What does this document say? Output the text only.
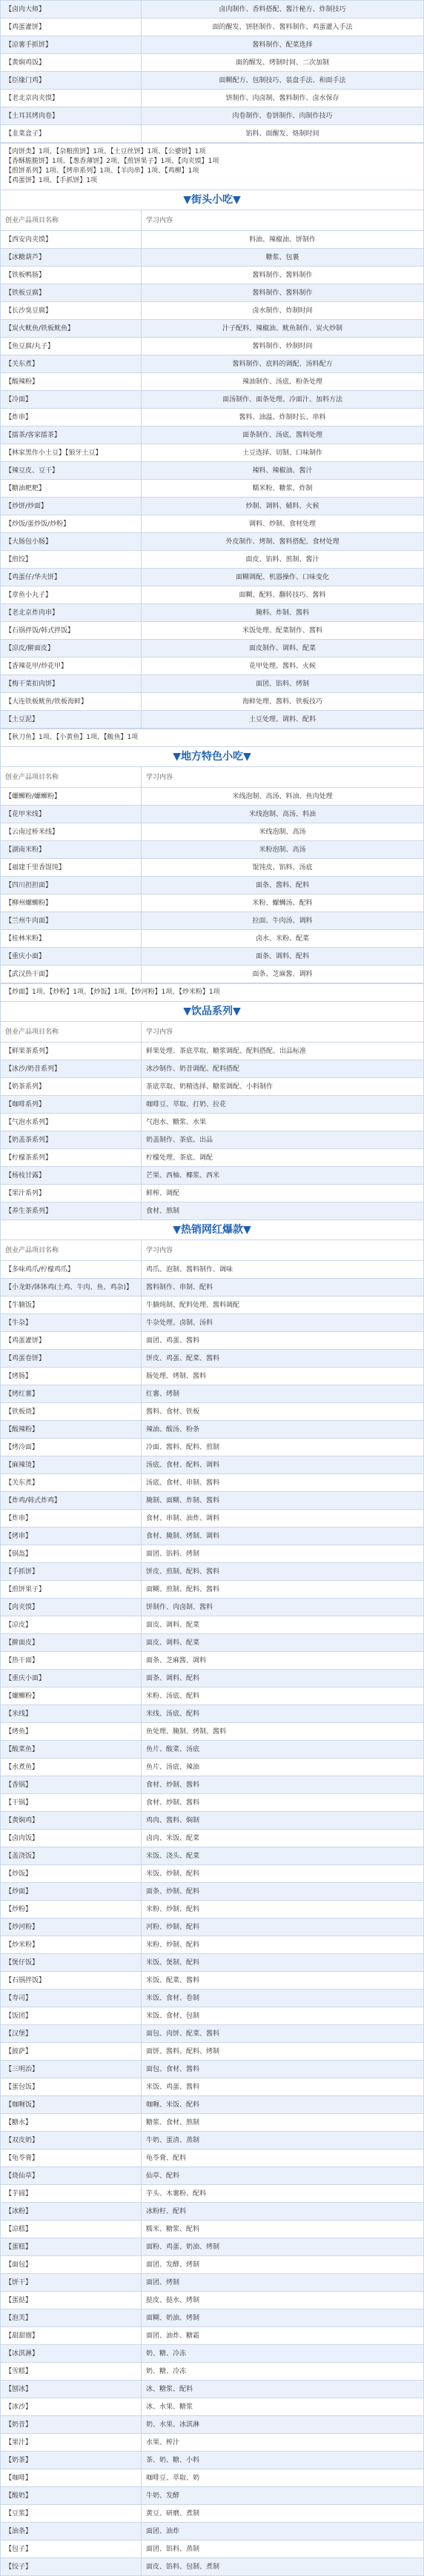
【卤肉大师】	卤肉制作、香料搭配、酱汁秘方、炸制技巧
【鸡蛋灌饼】	面的醒发、饼胚制作、酱料制作、鸡蛋灌入手法
【凉薯手抓饼】	酱料制作、配菜选择
【黄焖鸡饭】	面的醒发、烤制时间、二次加制
【臣缘门鸡】	面糊配方、包制技巧、装盘手法、和面手法
【老北京肉夹馍】	饼制作、肉卤制、酱料制作、卤水保存
【土耳其烤肉卷】	肉卷制作、卷饼制作、肉制作技巧
【韭菜盒子】	馅料、面醒发、烙制时间
【肉饼类】1项、【杂粮煎饼】1项、【土豆丝饼】1项、【公婆饼】1项
【香酥脆脆饼】1项、【葱香薄饼】2项、【煎饼果子】1项、【肉夹馍】1项
【煎饼系列】1项、【烤串系列】1项、【羊肉串】1项、【鸡柳】1项
【鸡蛋饼】1项、【手抓饼】1项
▼街头小吃▼
创业产品项目名称	学习内容
【西安肉夹馍】	料油、辣椒油、饼制作
【冰糖葫芦】	糖浆、包裹
【铁板鸭肠】	酱料制作、酱料制作
【铁板豆腐】	酱料制作、酱料制作
【长沙臭豆腐】	卤水制作、炸制时间
【炭火鱿鱼/铁板鱿鱼】	汁子配料、辣椒油、鱿鱼制作、炭火炒制
【鱼豆腐/丸子】	酱料制作、炒制时间
【关东煮】	酱料制作、底料的调配、汤料配方
【酸辣粉】	辣油制作、汤底、粉条处理
【冷面】	面汤制作、面条处理、冷面汁、加料方法
【炸串】	酱料、油温、炸制时长、串料
【擂茶/客家擂茶】	面条制作、汤底、酱料处理
【林家黑作小土豆】【狼牙土豆】	土豆选择、切制、口味制作
【辣豆皮、豆干】	辣料、辣椒油、酱汁
【糖油粑粑】	糯米粉、糖浆、炸制
【炒饼/炒面】	炒制、调料、辅料、火候
【炒饭/蛋炒饭/炒粉】	调料、炒制、食材处理
【大肠包小肠】	外皮制作、烤制、酱料搭配、食材处理
【煎饺】	面皮、馅料、煎制、酱汁
【鸡蛋仔/华夫饼】	面糊调配、机器操作、口味变化
【章鱼小丸子】	面糊、配料、翻转技巧、酱料
【老北京炸肉串】	腌料、炸制、酱料
【石锅拌饭/韩式拌饭】	米饭处理、配菜制作、酱料
【凉皮/擀面皮】	面皮制作、调料、配菜
【香辣花甲/炒花甲】	花甲处理、酱料、火候
【梅干菜扣肉饼】	面团、馅料、烤制
【大连铁板鱿鱼/铁板海鲜】	海鲜处理、酱料、铁板技巧
【土豆泥】	土豆处理、调料、配料
【秋刀鱼】1项、【小黄鱼】1项、【鲅鱼】1项
▼地方特色小吃▼
创业产品项目名称	学习内容
【螺蛳粉/螺蛳粉】	米线泡制、高汤、料油、鱼肉处理
【花甲米线】	米线泡制、高汤、料油
【云南过桥米线】	米线泡制、高汤
【湖南米粉】	米粉泡制、高汤
【福建千里香馄饨】	馄饨皮、馅料、汤底
【四川担担面】	面条、酱料、配料
【柳州螺蛳粉】	米粉、螺蛳汤、配料
【兰州牛肉面】	拉面、牛肉汤、调料
【桂林米粉】	卤水、米粉、配菜
【重庆小面】	面条、调料、配料
【武汉热干面】	面条、芝麻酱、调料
【炒面】1项、【炒粉】1项、【炒饭】1项、【炒河粉】1项、【炒米粉】1项
▼饮品系列▼
创业产品项目名称	学习内容
【鲜果茶系列】	鲜果处理、茶底萃取、糖浆调配、配料搭配、出品标准
【冰沙/奶昔系列】	冰沙制作、奶昔调配、配料搭配
【奶茶系列】	茶底萃取、奶精选择、糖浆调配、小料制作
【咖啡系列】	咖啡豆、萃取、打奶、拉花
【气泡水系列】	气泡水、糖浆、水果
【奶盖茶系列】	奶盖制作、茶底、出品
【柠檬茶系列】	柠檬处理、茶底、调配
【杨枝甘露】	芒果、西柚、椰浆、西米
【果汁系列】	鲜榨、调配
【养生茶系列】	食材、熬制
▼热销网红爆款▼
创业产品项目名称	学习内容
【多味鸡爪/柠檬鸡爪】	鸡爪、泡制、酱料制作、调味
【小龙虾/钵钵鸡(土鸡、牛肉、鱼、鸡杂)】	酱料制作、串制、配料
【牛腩饭】	牛腩炖制、配料处理、酱料调配
【牛杂】	牛杂处理、卤制、汤料
【鸡蛋灌饼】	面团、鸡蛋、酱料
【鸡蛋卷饼】	饼皮、鸡蛋、配菜、酱料
【烤肠】	肠处理、烤制、酱料
【烤红薯】	红薯、烤制
【铁板烧】	酱料、食材、铁板
【酸辣粉】	辣油、酸汤、粉条
【烤冷面】	冷面、酱料、配料、煎制
【麻辣烫】	汤底、食材、配料、调料
【关东煮】	汤底、食材、串制、酱料
【炸鸡/韩式炸鸡】	腌制、面糊、炸制、酱料
【炸串】	食材、串制、油炸、调料
【烤串】	食材、腌制、烤制、调料
【锅盔】	面团、馅料、烤制
【手抓饼】	饼皮、煎制、配料、酱料
【煎饼果子】	面糊、煎制、配料、酱料
【肉夹馍】	饼制作、肉卤制、酱料
【凉皮】	面皮、调料、配菜
【擀面皮】	面皮、调料、配菜
【热干面】	面条、芝麻酱、调料
【重庆小面】	面条、调料、配料
【螺蛳粉】	米粉、汤底、配料
【米线】	米线、汤底、配料
【烤鱼】	鱼处理、腌制、烤制、酱料
【酸菜鱼】	鱼片、酸菜、汤底
【水煮鱼】	鱼片、汤底、辣油
【香锅】	食材、炒制、酱料
【干锅】	食材、炒制、酱料
【黄焖鸡】	鸡肉、酱料、焖制
【卤肉饭】	卤肉、米饭、配菜
【盖浇饭】	米饭、浇头、配菜
【炒饭】	米饭、炒制、配料
【炒面】	面条、炒制、配料
【炒粉】	米粉、炒制、配料
【炒河粉】	河粉、炒制、配料
【炒米粉】	米粉、炒制、配料
【煲仔饭】	米饭、煲制、配料
【石锅拌饭】	米饭、配菜、酱料
【寿司】	米饭、食材、卷制
【饭团】	米饭、食材、包制
【汉堡】	面包、肉饼、配菜、酱料
【披萨】	面饼、酱料、配料、烤制
【三明治】	面包、食材、酱料
【蛋包饭】	米饭、鸡蛋、酱料
【咖喱饭】	咖喱、米饭、配料
【糖水】	糖浆、食材、熬制
【双皮奶】	牛奶、蛋清、蒸制
【龟苓膏】	龟苓膏、配料
【烧仙草】	仙草、配料
【芋圆】	芋头、木薯粉、配料
【冰粉】	冰粉籽、配料
【凉糕】	糯米、糖浆、配料
【蛋糕】	面粉、鸡蛋、奶油、烤制
【面包】	面团、发酵、烤制
【饼干】	面团、烤制
【蛋挞】	挞皮、挞水、烤制
【泡芙】	面糊、奶油、烤制
【甜甜圈】	面团、油炸、糖霜
【冰淇淋】	奶、糖、冷冻
【雪糕】	奶、糖、冷冻
【刨冰】	冰、糖浆、配料
【冰沙】	冰、水果、糖浆
【奶昔】	奶、水果、冰淇淋
【果汁】	水果、榨汁
【奶茶】	茶、奶、糖、小料
【咖啡】	咖啡豆、萃取、奶
【酸奶】	牛奶、发酵
【豆浆】	黄豆、研磨、煮制
【油条】	面团、油炸
【包子】	面团、馅料、蒸制
【饺子】	面皮、馅料、包制、煮制
